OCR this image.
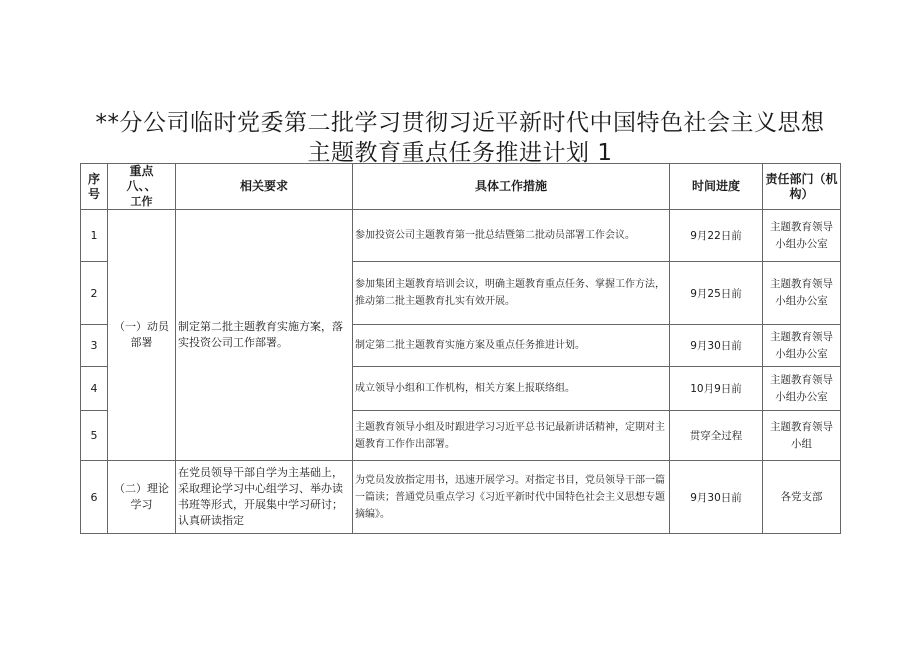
**分公司临时党委第二批学习贯彻习近平新时代中国特色社会主义思想
主题教育重点任务推进计划 1
序号	重点
八、、
工作	相关要求	具体工作措施	时间进度	责任部门（机构）
1	（一）动员部署	制定第二批主题教育实施方案，落实投资公司工作部署。	参加投资公司主题教育第一批总结暨第二批动员部署工作会议。	9月22日前	主题教育领导小组办公室
2			参加集团主题教育培训会议，明确主题教育重点任务、掌握工作方法，推动第二批主题教育扎实有效开展。	9月25日前	主题教育领导小组办公室
3			制定第二批主题教育实施方案及重点任务推进计划。	9月30日前	主题教育领导小组办公室
4			成立领导小组和工作机构，相关方案上报联络组。	10月9日前	主题教育领导小组办公室
5			主题教育领导小组及时跟进学习习近平总书记最新讲话精神，定期对主题教育工作作出部署。	贯穿全过程	主题教育领导小组
6	（二）理论学习	在党员领导干部自学为主基础上，采取理论学习中心组学习、举办读书班等形式，开展集中学习研讨；认真研读指定	为党员发放指定用书，迅速开展学习。对指定书目，党员领导干部一篇一篇读；普通党员重点学习《习近平新时代中国特色社会主义思想专题摘编》。	9月30日前	各党支部
